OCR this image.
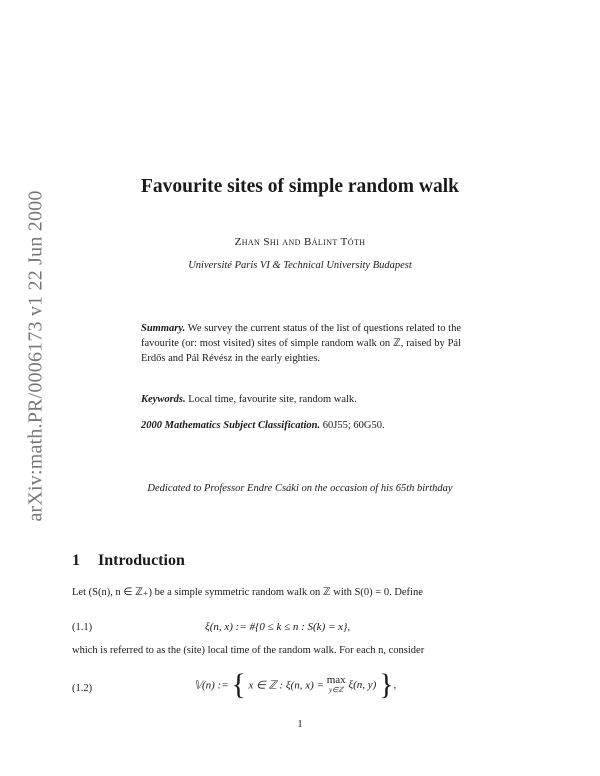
arXiv:math.PR/0006173 v1 22 Jun 2000
Favourite sites of simple random walk
Zhan Shi and Bálint Tóth
Université Paris VI & Technical University Budapest
Summary. We survey the current status of the list of questions related to the favourite (or: most visited) sites of simple random walk on ℤ, raised by Pál Erdős and Pál Révész in the early eighties.
Keywords. Local time, favourite site, random walk.
2000 Mathematics Subject Classification. 60J55; 60G50.
Dedicated to Professor Endre Csáki on the occasion of his 65th birthday
1 Introduction
Let (S(n), n ∈ ℤ₊) be a simple symmetric random walk on ℤ with S(0) = 0. Define
(1.1)	ξ(n, x) := #{0 ≤ k ≤ n : S(k) = x},
which is referred to as the (site) local time of the random walk. For each n, consider
(1.2)	𝕍(n) := { x ∈ ℤ : ξ(n, x) = max
y∈ℤ ξ(n, y) },
1
